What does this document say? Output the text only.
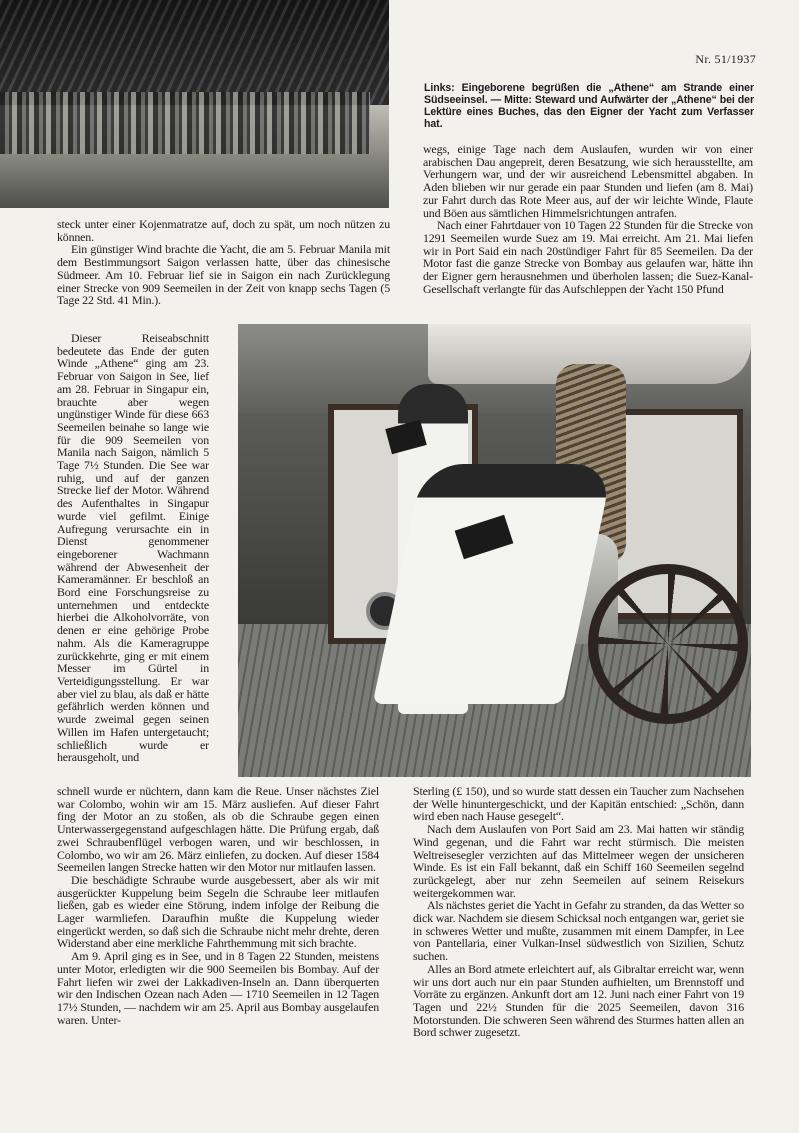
Nr. 51/1937
Links: Eingeborene begrüßen die „Athene“ am Strande einer Südseeinsel. — Mitte: Steward und Aufwärter der „Athene“ bei der Lektüre eines Buches, das den Eigner der Yacht zum Verfasser hat.

steck unter einer Kojenmatratze auf, doch zu spät, um noch nützen zu können.

Ein günstiger Wind brachte die Yacht, die am 5. Februar Manila mit dem Bestimmungsort Saigon verlassen hatte, über das chinesische Südmeer. Am 10. Februar lief sie in Saigon ein nach Zurücklegung einer Strecke von 909 Seemeilen in der Zeit von knapp sechs Tagen (5 Tage 22 Std. 41 Min.).

Dieser Reiseabschnitt bedeutete das Ende der guten Winde „Athene“ ging am 23. Februar von Saigon in See, lief am 28. Februar in Singapur ein, brauchte aber wegen ungünstiger Winde für diese 663 Seemeilen beinahe so lange wie für die 909 Seemeilen von Manila nach Saigon, nämlich 5 Tage 7½ Stunden. Die See war ruhig, und auf der ganzen Strecke lief der Motor. Während des Aufenthaltes in Singapur wurde viel gefilmt. Einige Aufregung verursachte ein in Dienst genommener eingeborener Wachmann während der Abwesenheit der Kameramänner. Er beschloß an Bord eine Forschungsreise zu unternehmen und entdeckte hierbei die Alkoholvorräte, von denen er eine gehörige Probe nahm. Als die Kameragruppe zurückkehrte, ging er mit einem Messer im Gürtel in Verteidigungsstellung. Er war aber viel zu blau, als daß er hätte gefährlich werden können und wurde zweimal gegen seinen Willen im Hafen untergetaucht; schließlich wurde er herausgeholt, und

wegs, einige Tage nach dem Auslaufen, wurden wir von einer arabischen Dau angepreit, deren Besatzung, wie sich herausstellte, am Verhungern war, und der wir ausreichend Lebensmittel abgaben. In Aden blieben wir nur gerade ein paar Stunden und liefen (am 8. Mai) zur Fahrt durch das Rote Meer aus, auf der wir leichte Winde, Flaute und Böen aus sämtlichen Himmelsrichtungen antrafen.

Nach einer Fahrtdauer von 10 Tagen 22 Stunden für die Strecke von 1291 Seemeilen wurde Suez am 19. Mai erreicht. Am 21. Mai liefen wir in Port Said ein nach 20stündiger Fahrt für 85 Seemeilen. Da der Motor fast die ganze Strecke von Bombay aus gelaufen war, hätte ihn der Eigner gern herausnehmen und überholen lassen; die Suez-Kanal-Gesellschaft verlangte für das Aufschleppen der Yacht 150 Pfund

schnell wurde er nüchtern, dann kam die Reue. Unser nächstes Ziel war Colombo, wohin wir am 15. März ausliefen. Auf dieser Fahrt fing der Motor an zu stoßen, als ob die Schraube gegen einen Unterwassergegenstand aufgeschlagen hätte. Die Prüfung ergab, daß zwei Schraubenflügel verbogen waren, und wir beschlossen, in Colombo, wo wir am 26. März einliefen, zu docken. Auf dieser 1584 Seemeilen langen Strecke hatten wir den Motor nur mitlaufen lassen.

Die beschädigte Schraube wurde ausgebessert, aber als wir mit ausgerückter Kuppelung beim Segeln die Schraube leer mitlaufen ließen, gab es wieder eine Störung, indem infolge der Reibung die Lager warmliefen. Daraufhin mußte die Kuppelung wieder eingerückt werden, so daß sich die Schraube nicht mehr drehte, deren Widerstand aber eine merkliche Fahrthemmung mit sich brachte.

Am 9. April ging es in See, und in 8 Tagen 22 Stunden, meistens unter Motor, erledigten wir die 900 Seemeilen bis Bombay. Auf der Fahrt liefen wir zwei der Lakkadiven-Inseln an. Dann überquerten wir den Indischen Ozean nach Aden — 1710 Seemeilen in 12 Tagen 17½ Stunden, — nachdem wir am 25. April aus Bombay ausgelaufen waren. Unter-

Sterling (£ 150), und so wurde statt dessen ein Taucher zum Nachsehen der Welle hinuntergeschickt, und der Kapitän entschied: „Schön, dann wird eben nach Hause gesegelt“.

Nach dem Auslaufen von Port Said am 23. Mai hatten wir ständig Wind gegenan, und die Fahrt war recht stürmisch. Die meisten Weltreisesegler verzichten auf das Mittelmeer wegen der unsicheren Winde. Es ist ein Fall bekannt, daß ein Schiff 160 Seemeilen segelnd zurückgelegt, aber nur zehn Seemeilen auf seinem Reisekurs weitergekommen war.

Als nächstes geriet die Yacht in Gefahr zu stranden, da das Wetter so dick war. Nachdem sie diesem Schicksal noch entgangen war, geriet sie in schweres Wetter und mußte, zusammen mit einem Dampfer, in Lee von Pantellaria, einer Vulkan-Insel südwestlich von Sizilien, Schutz suchen.

Alles an Bord atmete erleichtert auf, als Gibraltar erreicht war, wenn wir uns dort auch nur ein paar Stunden aufhielten, um Brennstoff und Vorräte zu ergänzen. Ankunft dort am 12. Juni nach einer Fahrt von 19 Tagen und 22½ Stunden für die 2025 Seemeilen, davon 316 Motorstunden. Die schweren Seen während des Sturmes hatten allen an Bord schwer zugesetzt.
